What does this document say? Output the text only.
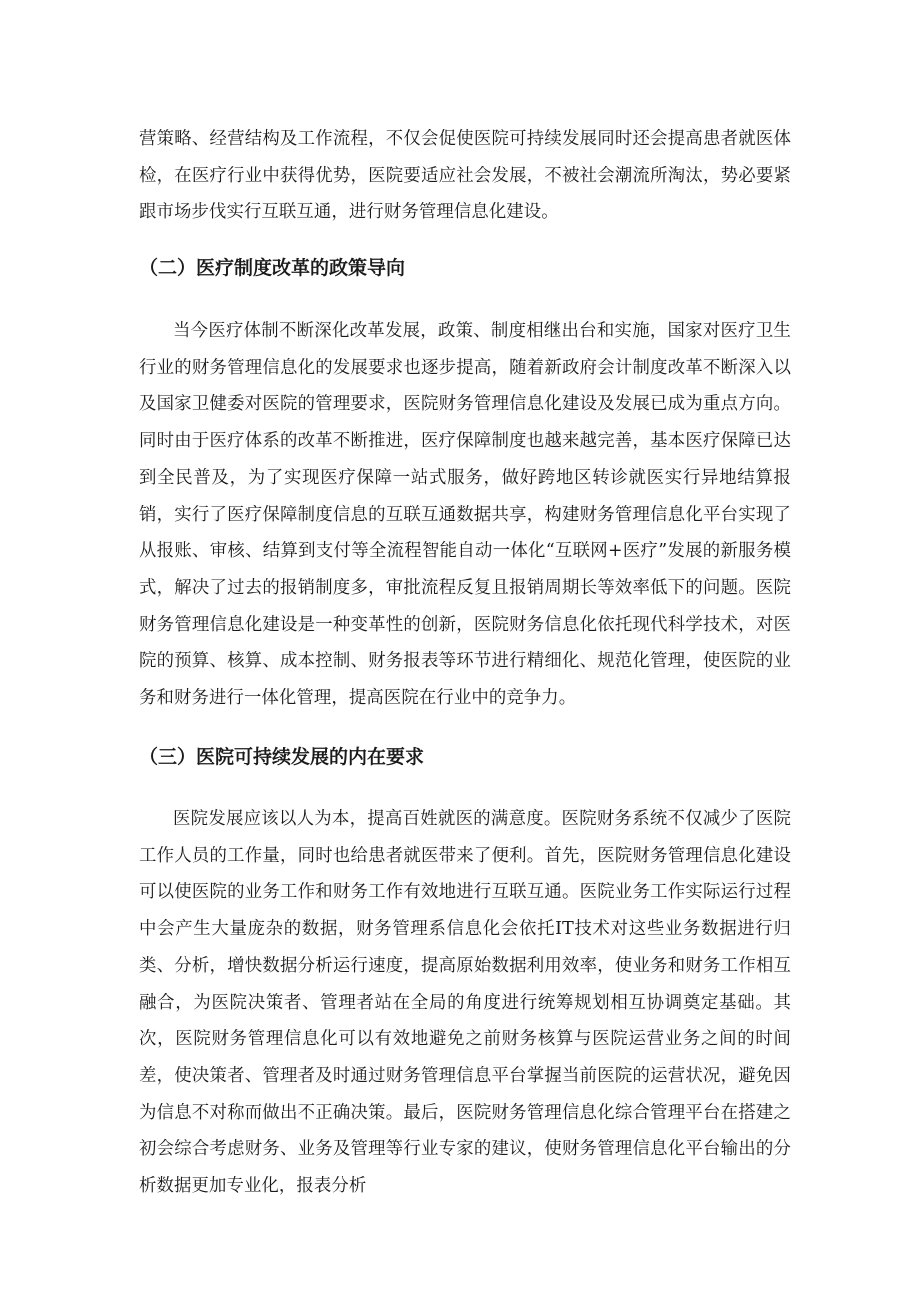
营策略、经营结构及工作流程，不仅会促使医院可持续发展同时还会提高患者就医体检，在医疗行业中获得优势，医院要适应社会发展，不被社会潮流所淘汰，势必要紧跟市场步伐实行互联互通，进行财务管理信息化建设。

（二）医疗制度改革的政策导向

当今医疗体制不断深化改革发展，政策、制度相继出台和实施，国家对医疗卫生行业的财务管理信息化的发展要求也逐步提高，随着新政府会计制度改革不断深入以及国家卫健委对医院的管理要求，医院财务管理信息化建设及发展已成为重点方向。同时由于医疗体系的改革不断推进，医疗保障制度也越来越完善，基本医疗保障已达到全民普及，为了实现医疗保障一站式服务，做好跨地区转诊就医实行异地结算报销，实行了医疗保障制度信息的互联互通数据共享，构建财务管理信息化平台实现了从报账、审核、结算到支付等全流程智能自动一体化“互联网+医疗”发展的新服务模式，解决了过去的报销制度多，审批流程反复且报销周期长等效率低下的问题。医院财务管理信息化建设是一种变革性的创新，医院财务信息化依托现代科学技术，对医院的预算、核算、成本控制、财务报表等环节进行精细化、规范化管理，使医院的业务和财务进行一体化管理，提高医院在行业中的竞争力。

（三）医院可持续发展的内在要求

医院发展应该以人为本，提高百姓就医的满意度。医院财务系统不仅减少了医院工作人员的工作量，同时也给患者就医带来了便利。首先，医院财务管理信息化建设可以使医院的业务工作和财务工作有效地进行互联互通。医院业务工作实际运行过程中会产生大量庞杂的数据，财务管理系信息化会依托IT技术对这些业务数据进行归类、分析，增快数据分析运行速度，提高原始数据利用效率，使业务和财务工作相互融合，为医院决策者、管理者站在全局的角度进行统筹规划相互协调奠定基础。其次，医院财务管理信息化可以有效地避免之前财务核算与医院运营业务之间的时间差，使决策者、管理者及时通过财务管理信息平台掌握当前医院的运营状况，避免因为信息不对称而做出不正确决策。最后，医院财务管理信息化综合管理平台在搭建之初会综合考虑财务、业务及管理等行业专家的建议，使财务管理信息化平台输出的分析数据更加专业化，报表分析
